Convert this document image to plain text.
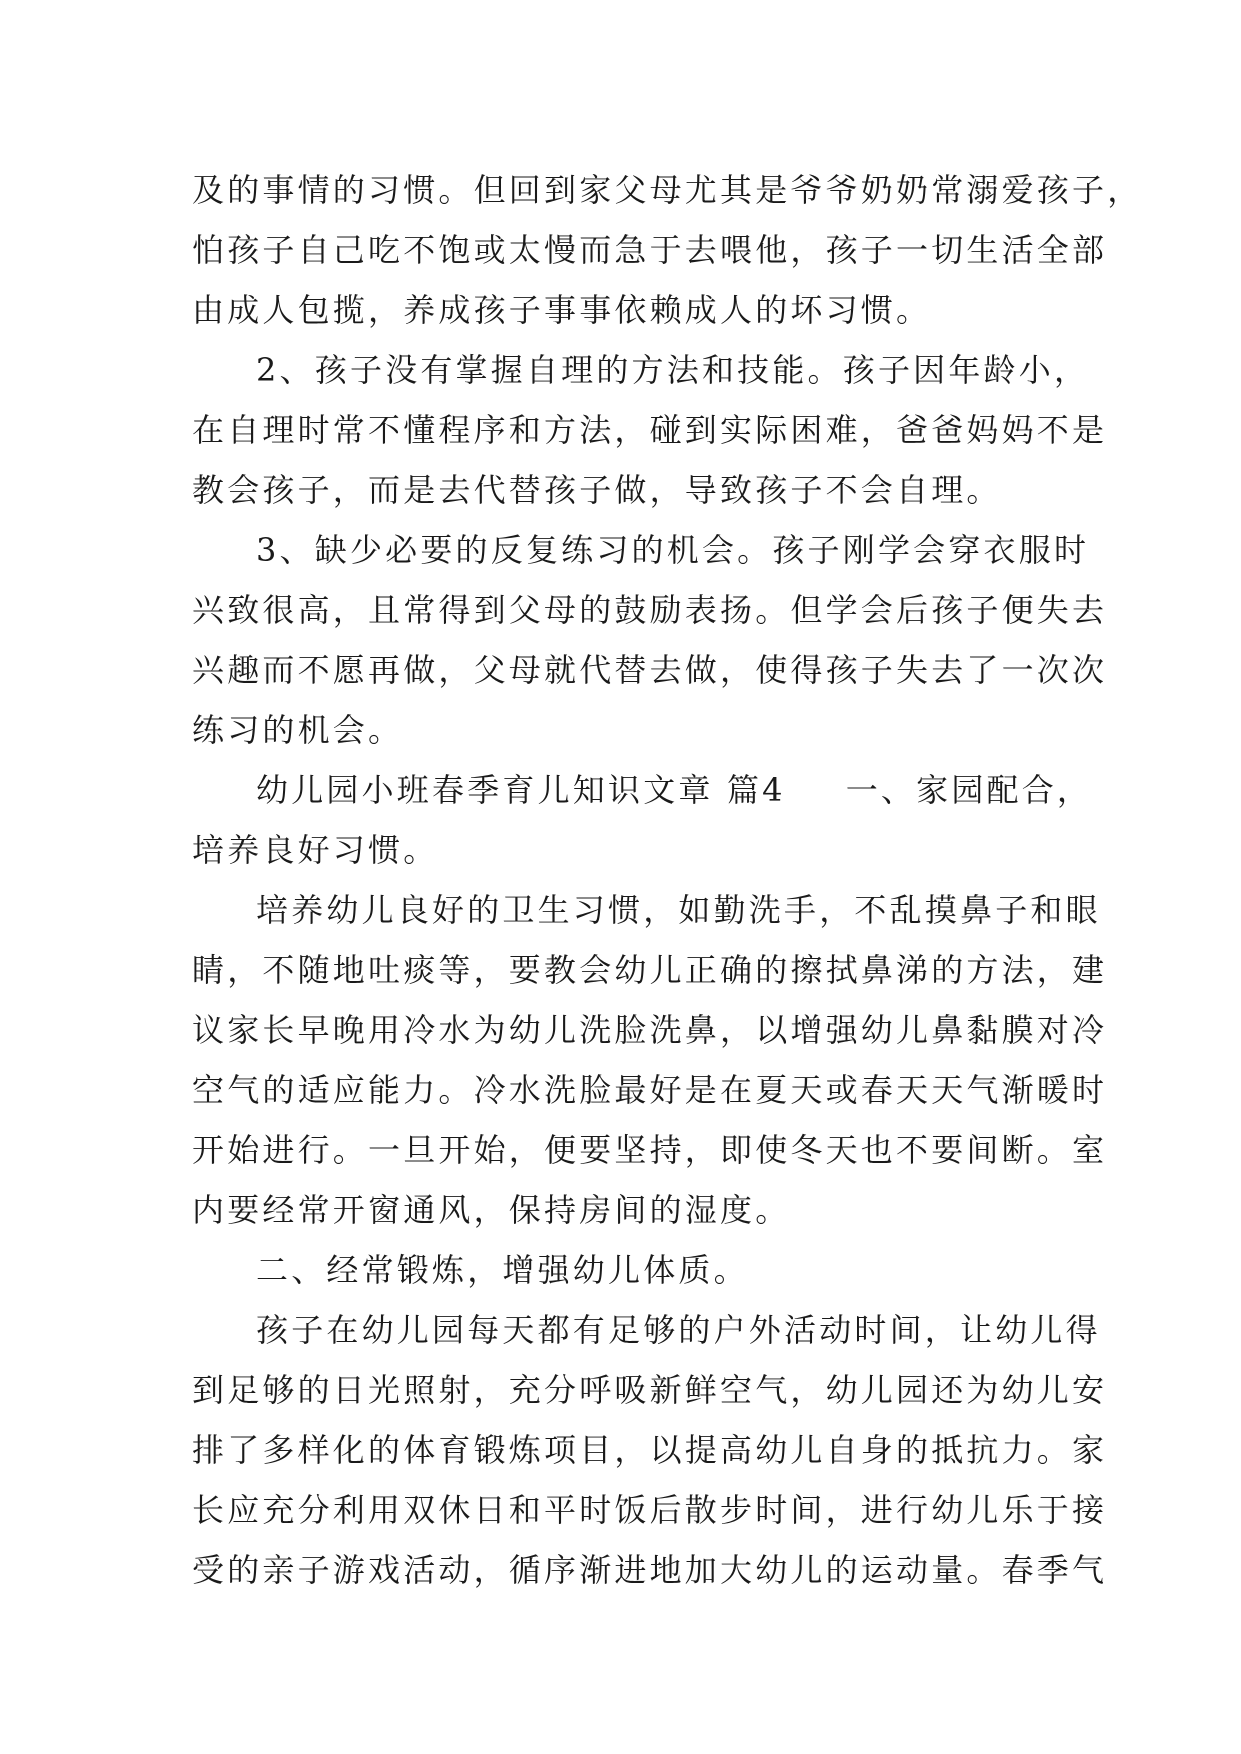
及的事情的习惯。但回到家父母尤其是爷爷奶奶常溺爱孩子，
怕孩子自己吃不饱或太慢而急于去喂他，孩子一切生活全部
由成人包揽，养成孩子事事依赖成人的坏习惯。
2、孩子没有掌握自理的方法和技能。孩子因年龄小，
在自理时常不懂程序和方法，碰到实际困难，爸爸妈妈不是
教会孩子，而是去代替孩子做，导致孩子不会自理。
3、缺少必要的反复练习的机会。孩子刚学会穿衣服时
兴致很高，且常得到父母的鼓励表扬。但学会后孩子便失去
兴趣而不愿再做，父母就代替去做，使得孩子失去了一次次
练习的机会。
幼儿园小班春季育儿知识文章 篇4 一、家园配合，
培养良好习惯。
培养幼儿良好的卫生习惯，如勤洗手，不乱摸鼻子和眼
睛，不随地吐痰等，要教会幼儿正确的擦拭鼻涕的方法，建
议家长早晚用冷水为幼儿洗脸洗鼻，以增强幼儿鼻黏膜对冷
空气的适应能力。冷水洗脸最好是在夏天或春天天气渐暖时
开始进行。一旦开始，便要坚持，即使冬天也不要间断。室
内要经常开窗通风，保持房间的湿度。
二、经常锻炼，增强幼儿体质。
孩子在幼儿园每天都有足够的户外活动时间，让幼儿得
到足够的日光照射，充分呼吸新鲜空气，幼儿园还为幼儿安
排了多样化的体育锻炼项目，以提高幼儿自身的抵抗力。家
长应充分利用双休日和平时饭后散步时间，进行幼儿乐于接
受的亲子游戏活动，循序渐进地加大幼儿的运动量。春季气
